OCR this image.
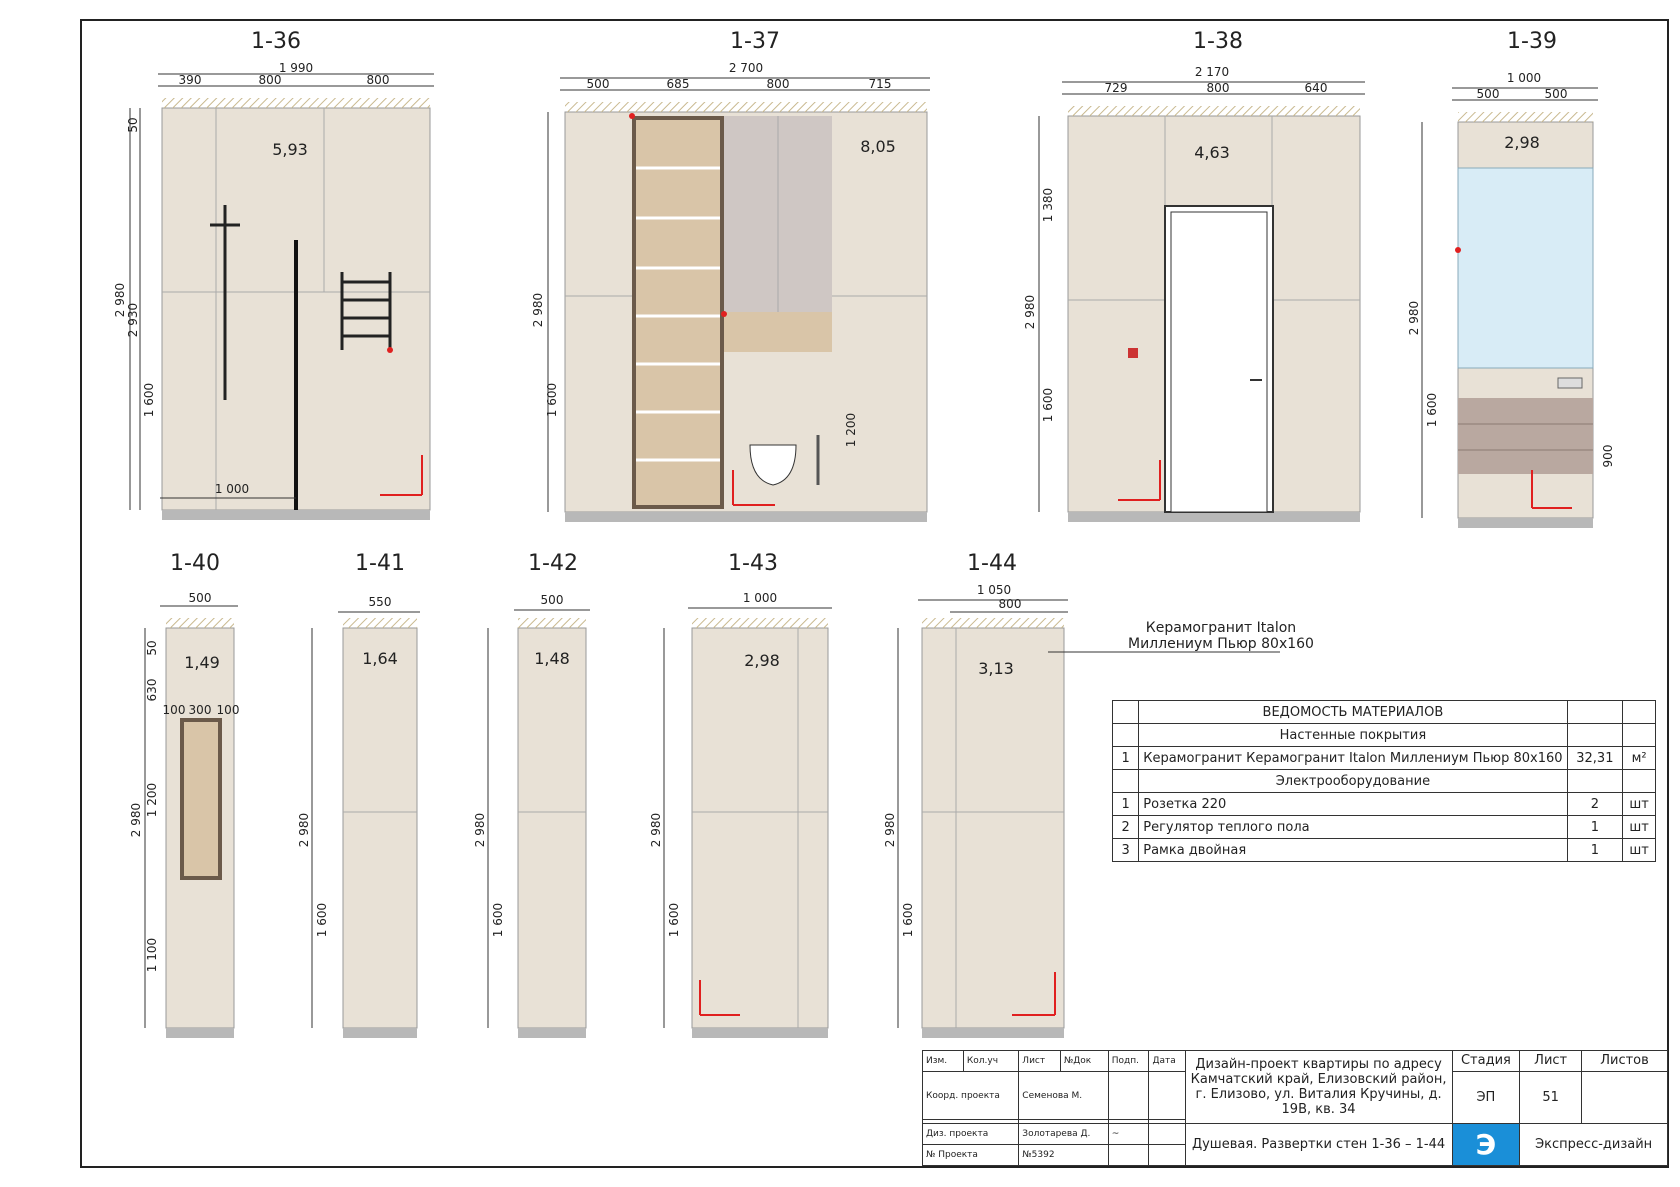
1-36	1-37	1-38	1-39
1-40	1-41	1-42	1-43	1-44
5,93	8,05	4,63
2,98
1,49	1,64	1,48	2,98	3,13
1 990
390	800	800
1 000
2 980
2 930
50
1 600
2 700
500	685	800	715
2 980
1 600
1 200
2 170
729	800	640
2 980
1 380
1 600
1 000
500	500
2 980
1 600
900
500
100 300 100
50
630
1 200
1 100
2 980
550
2 980
1 600
500
2 980
1 600
1 000
2 980
1 600
1 050
800
2 980
1 600
Керамогранит Italon
Миллениум Пьюр 80x160
	ВЕДОМОСТЬ МАТЕРИАЛОВ		
	Настенные покрытия		
1	Керамогранит Керамогранит Italon Миллениум Пьюр 80x160	32,31	м²
	Электрооборудование		
1	Розетка 220	2	шт
2	Регулятор теплого пола	1	шт
3	Рамка двойная	1	шт
Изм.	Кол.уч	Лист	№Док	Подп.	Дата	Дизайн-проект квартиры по адресу Камчатский край, Елизовский район, г. Елизово, ул. Виталия Кручины, д. 19В, кв. 34	Стадия	Лист	Листов
Коорд. проекта		Семенова М.					ЭП	51	

Диз. проекта		Золотарева Д.		~		Душевая. Развертки стен 1-36 – 1-44	Э	Экспресс-дизайн	
№ Проекта		№5392							
